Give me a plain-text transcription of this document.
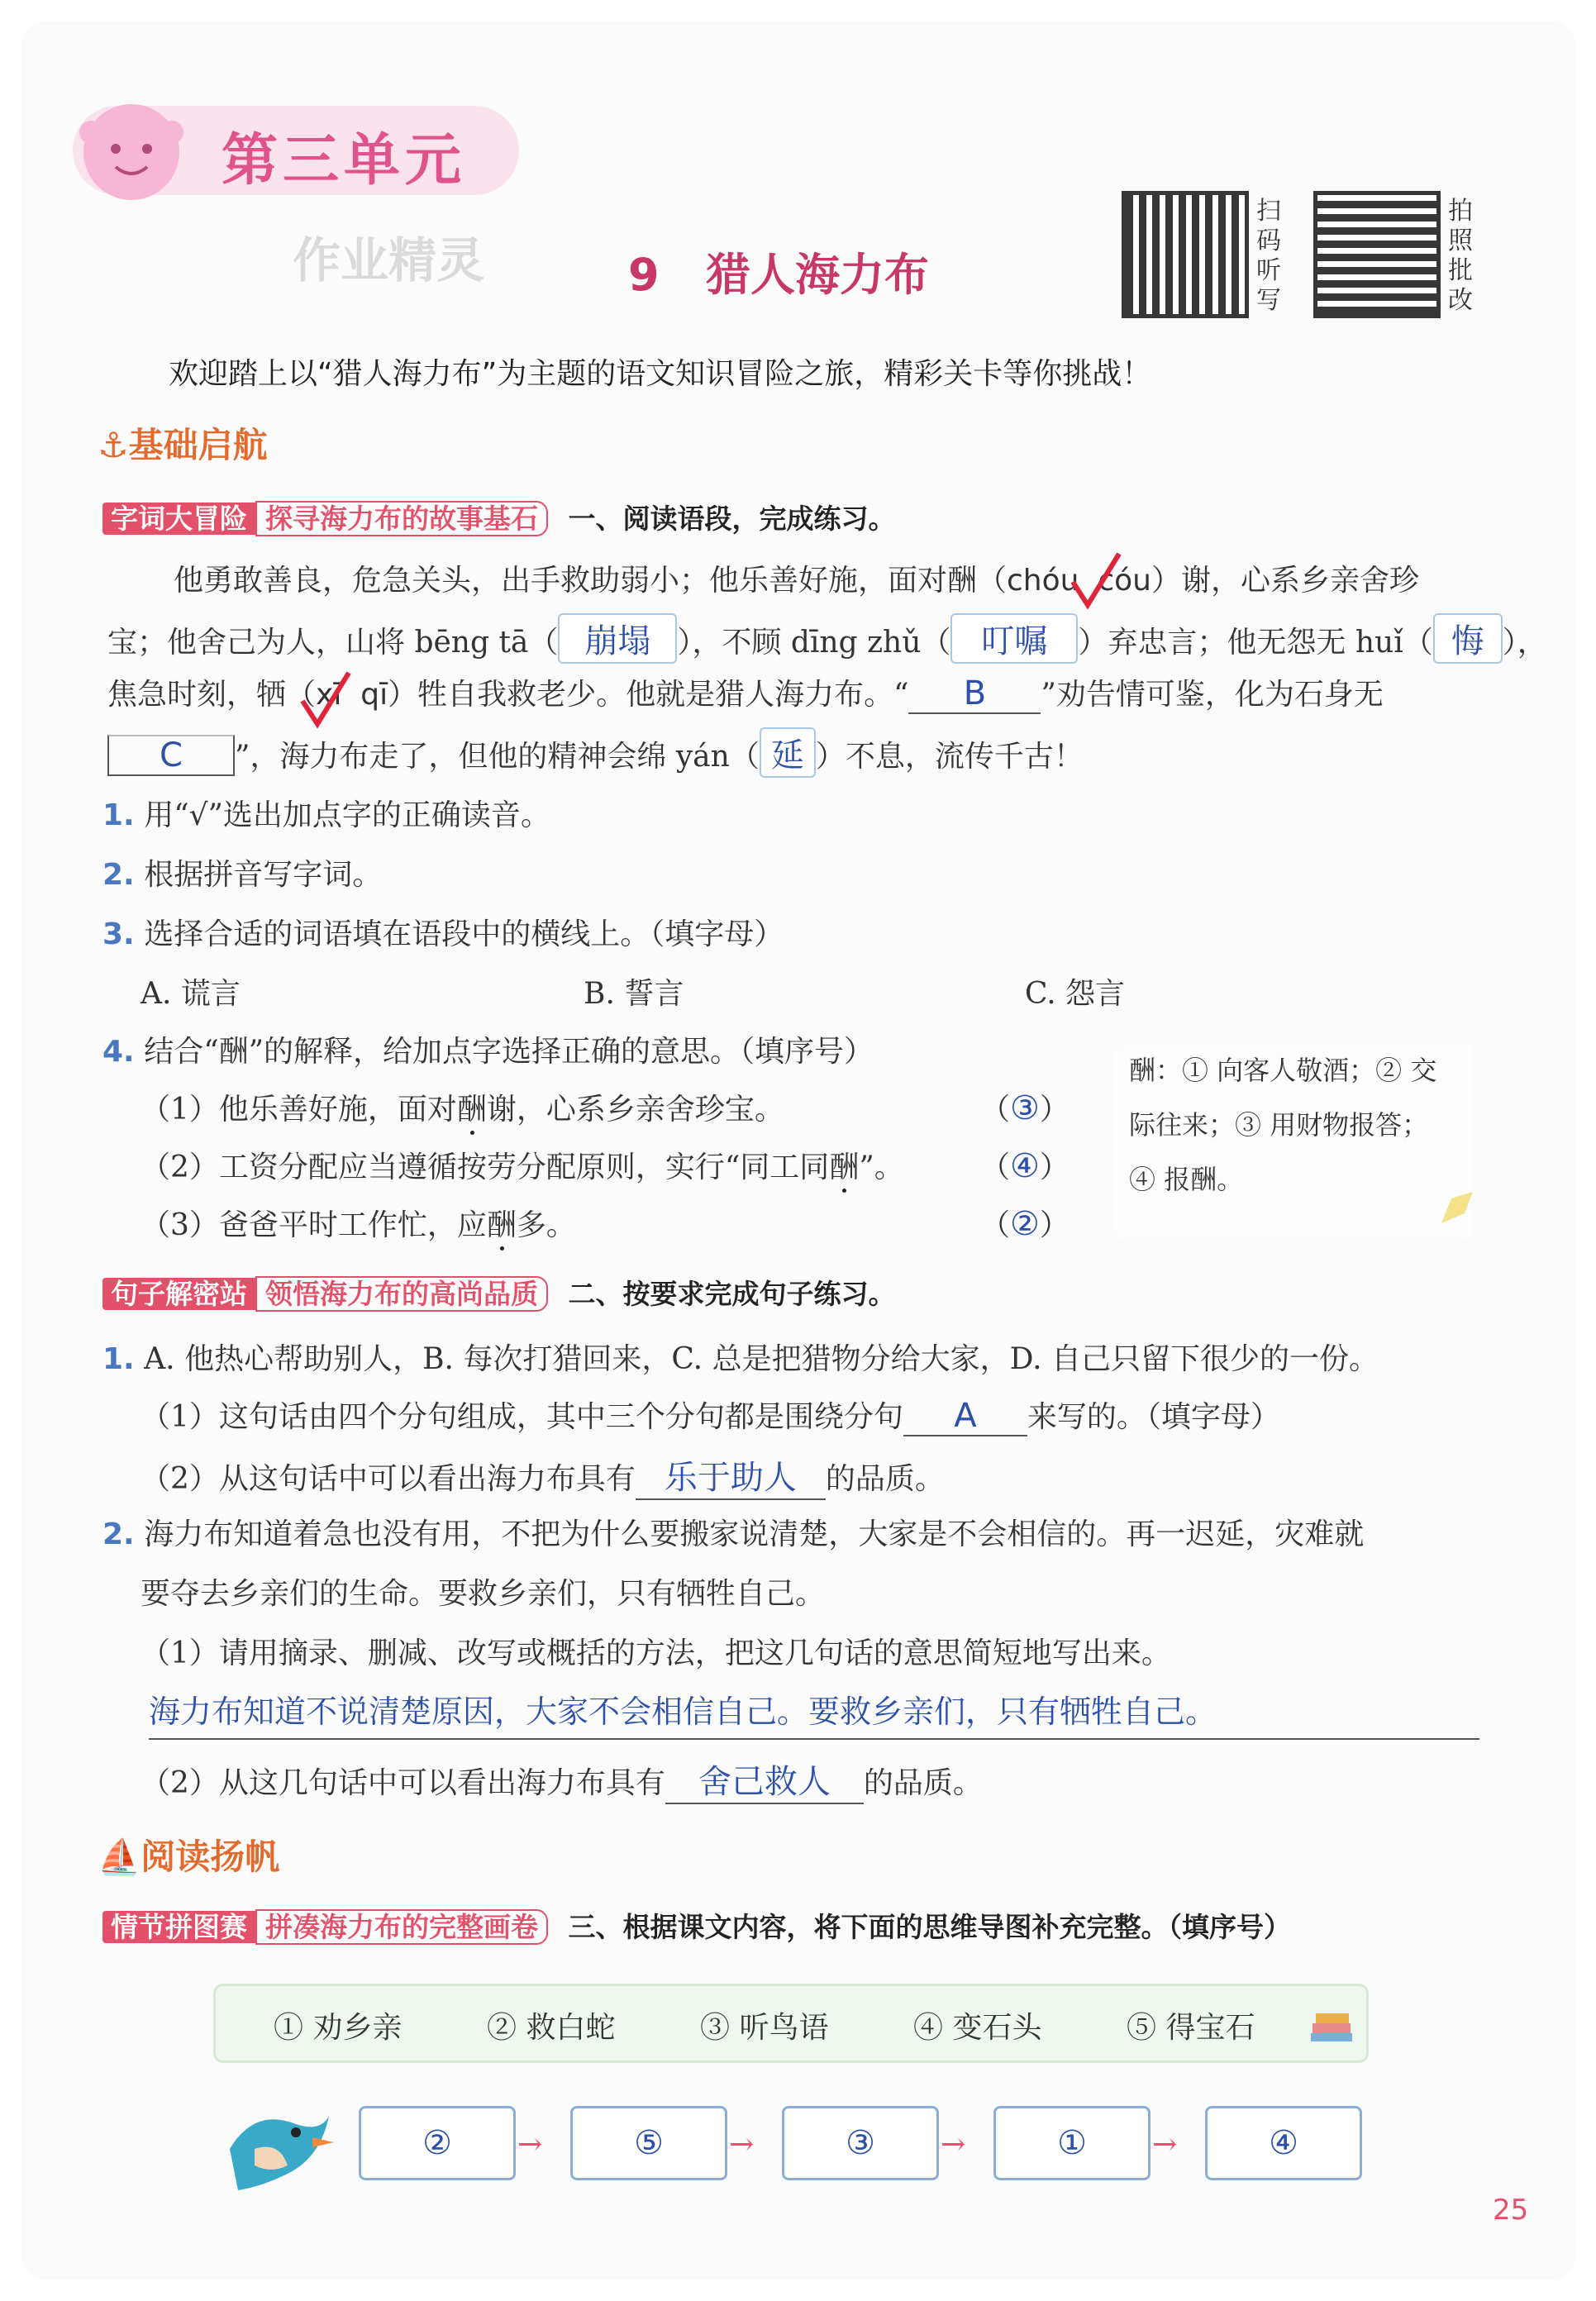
第三单元
作业精灵	9 猎人海力布
扫码听写
拍照批改
欢迎踏上以“猎人海力布”为主题的语文知识冒险之旅，精彩关卡等你挑战！
⚓基础启航
字词大冒险 探寻海力布的故事基石 一、阅读语段，完成练习。
他勇敢善良，危急关头，出手救助弱小；他乐善好施，面对酬（chóu cóu）谢，心系乡亲舍珍
宝；他舍己为人，山将 bēng tā（ 崩塌 ），不顾 dīng zhǔ（ 叮嘱 ）弃忠言；他无怨无 huǐ（ 悔 ），
焦急时刻，牺（xī qī）牲自我救老少。他就是猎人海力布。“ B ”劝告情可鉴，化为石身无
C ”，海力布走了，但他的精神会绵 yán（ 延 ）不息，流传千古！
1. 用“√”选出加点字的正确读音。
2. 根据拼音写字词。
3. 选择合适的词语填在语段中的横线上。（填字母）
A. 谎言	B. 誓言	C. 怨言
4. 结合“酬”的解释，给加点字选择正确的意思。（填序号）
（1）他乐善好施，面对酬谢，心系乡亲舍珍宝。	（③）
（2）工资分配应当遵循按劳分配原则，实行“同工同酬”。	（④）
（3）爸爸平时工作忙，应酬多。	（②）
酬：① 向客人敬酒；② 交
际往来；③ 用财物报答；
④ 报酬。
句子解密站 领悟海力布的高尚品质 二、按要求完成句子练习。
1. A. 他热心帮助别人，B. 每次打猎回来，C. 总是把猎物分给大家，D. 自己只留下很少的一份。
（1）这句话由四个分句组成，其中三个分句都是围绕分句 A 来写的。（填字母）
（2）从这句话中可以看出海力布具有 乐于助人 的品质。
2. 海力布知道着急也没有用，不把为什么要搬家说清楚，大家是不会相信的。再一迟延，灾难就
要夺去乡亲们的生命。要救乡亲们，只有牺牲自己。
（1）请用摘录、删减、改写或概括的方法，把这几句话的意思简短地写出来。
海力布知道不说清楚原因，大家不会相信自己。要救乡亲们，只有牺牲自己。
（2）从这几句话中可以看出海力布具有 舍己救人 的品质。
⛵阅读扬帆
情节拼图赛 拼凑海力布的完整画卷 三、根据课文内容，将下面的思维导图补充完整。（填序号）
① 劝乡亲	② 救白蛇	③ 听鸟语	④ 变石头	⑤ 得宝石
②	→	⑤	→	③	→	①	→	④
25
